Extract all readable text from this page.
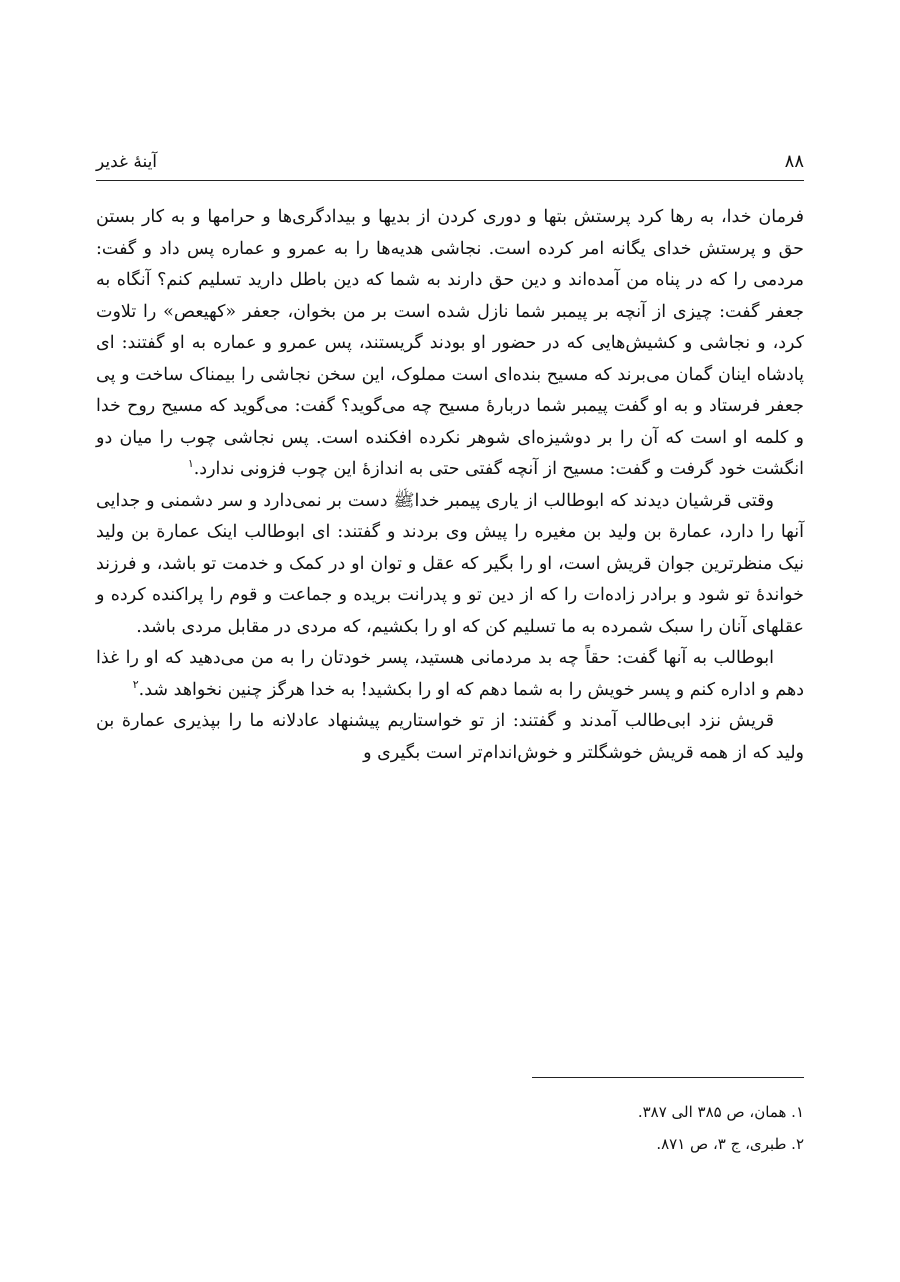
۸۸
آینهٔ غدیر

فرمان خدا، به رها کرد پرستش بتها و دوری کردن از بدیها و بیدادگری‌ها و حرامها و به کار بستن حق و پرستش خدای یگانه امر کرده است. نجاشی هدیه‌ها را به عمرو و عماره پس داد و گفت: مردمی را که در پناه من آمده‌اند و دین حق دارند به شما که دین باطل دارید تسلیم کنم؟ آنگاه به جعفر گفت: چیزی از آنچه بر پیمبر شما نازل شده است بر من بخوان، جعفر «کهیعص» را تلاوت کرد، و نجاشی و کشیش‌هایی که در حضور او بودند گریستند، پس عمرو و عماره به او گفتند: ای پادشاه اینان گمان می‌برند که مسیح بنده‌ای است مملوک، این سخن نجاشی را بیمناک ساخت و پی جعفر فرستاد و به او گفت پیمبر شما دربارهٔ مسیح چه می‌گوید؟ گفت: می‌گوید که مسیح روح خدا و کلمه او است که آن را بر دوشیزه‌ای شوهر نکرده افکنده است. پس نجاشی چوب را میان دو انگشت خود گرفت و گفت: مسیح از آنچه گفتی حتی به اندازهٔ این چوب فزونی ندارد.$^۱$

وقتی قرشیان دیدند که ابوطالب از یاری پیمبر خداﷺ دست بر نمی‌دارد و سر دشمنی و جدایی آنها را دارد، عمارة بن ولید بن مغیره را پیش وی بردند و گفتند: ای ابوطالب اینک عمارة بن ولید نیک منظرترین جوان قریش است، او را بگیر که عقل و توان او در کمک و خدمت تو باشد، و فرزند خواندهٔ تو شود و برادر زاده‌ات را که از دین تو و پدرانت بریده و جماعت و قوم را پراکنده کرده و عقلهای آنان را سبک شمرده به ما تسلیم کن که او را بکشیم، که مردی در مقابل مردی باشد.

ابوطالب به آنها گفت: حقاً چه بد مردمانی هستید، پسر خودتان را به من می‌دهید که او را غذا دهم و اداره کنم و پسر خویش را به شما دهم که او را بکشید! به خدا هرگز چنین نخواهد شد.$^۲$

قریش نزد ابی‌طالب آمدند و گفتند: از تو خواستاریم پیشنهاد عادلانه ما را بپذیری عمارة بن ولید که از همه قریش خوشگلتر و خوش‌اندام‌تر است بگیری و

۱. همان، ص ۳۸۵ الی ۳۸۷.
۲. طبری، ج ۳، ص ۸۷۱.
